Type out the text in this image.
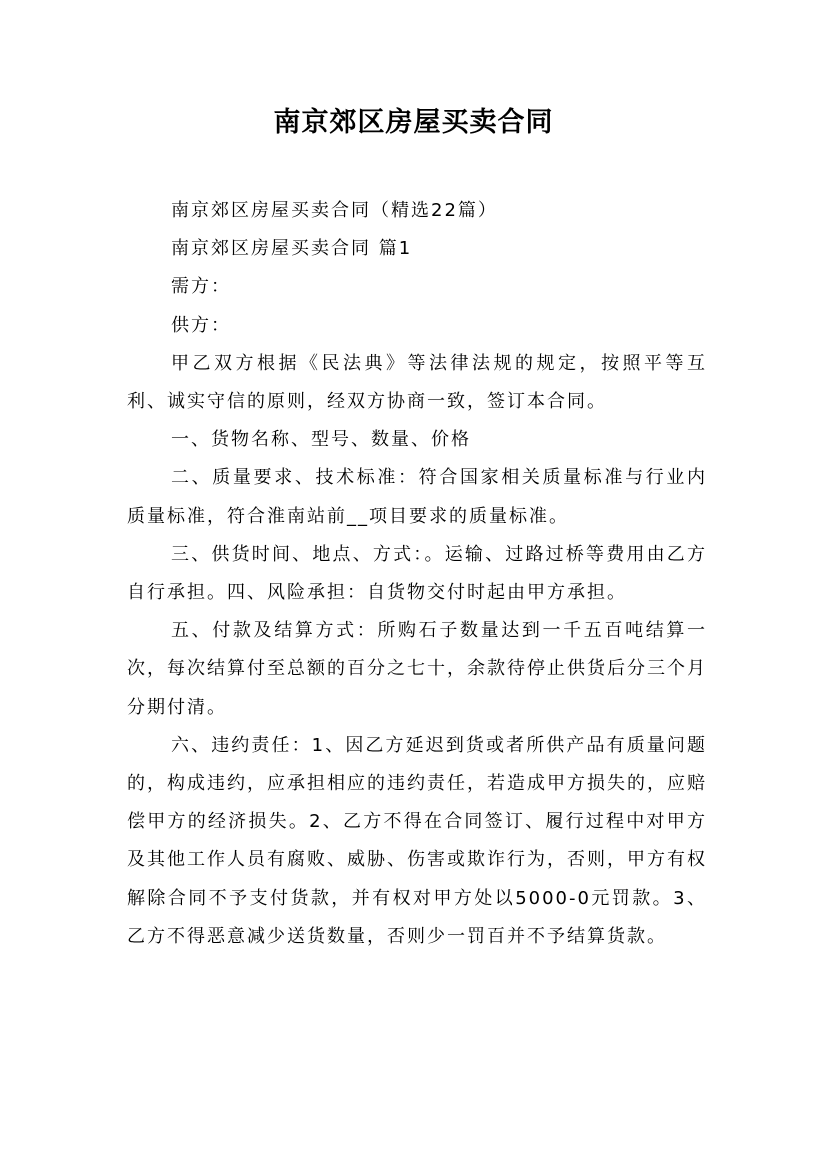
南京郊区房屋买卖合同

南京郊区房屋买卖合同（精选22篇）

南京郊区房屋买卖合同 篇1

需方：

供方：

甲乙双方根据《民法典》等法律法规的规定，按照平等互利、诚实守信的原则，经双方协商一致，签订本合同。

一、货物名称、型号、数量、价格

二、质量要求、技术标准：符合国家相关质量标准与行业内质量标准，符合淮南站前__项目要求的质量标准。

三、供货时间、地点、方式：。运输、过路过桥等费用由乙方自行承担。四、风险承担：自货物交付时起由甲方承担。

五、付款及结算方式：所购石子数量达到一千五百吨结算一次，每次结算付至总额的百分之七十，余款待停止供货后分三个月分期付清。

六、违约责任：1、因乙方延迟到货或者所供产品有质量问题的，构成违约，应承担相应的违约责任，若造成甲方损失的，应赔偿甲方的经济损失。2、乙方不得在合同签订、履行过程中对甲方及其他工作人员有腐败、威胁、伤害或欺诈行为，否则，甲方有权解除合同不予支付货款，并有权对甲方处以5000-0元罚款。3、乙方不得恶意减少送货数量，否则少一罚百并不予结算货款。
